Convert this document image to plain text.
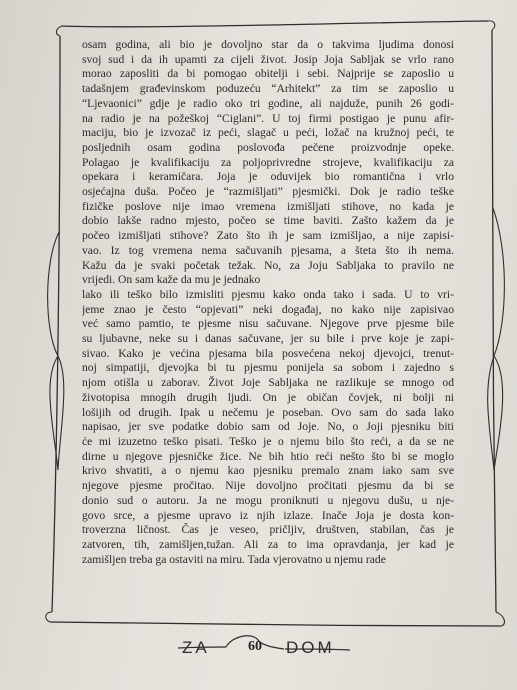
osam godina, ali bio je dovoljno star da o takvima ljudima donosi
svoj sud i da ih upamti za cijeli život. Josip Joja Sabljak se vrlo rano
morao zaposliti da bi pomogao obitelji i sebi. Najprije se zaposlio u
tadašnjem građevinskom poduzeću “Arhitekt” za tim se zaposlio u
“Ljevaonici” gdje je radio oko tri godine, ali najduže, punih 26 godi-
na radio je na požeškoj “Ciglani”. U toj firmi postigao je punu afir-
maciju, bio je izvozač iz peći, slagač u peći, ložač na kružnoj peći, te
posljednih osam godina poslovođa pečene proizvodnje opeke.
Polagao je kvalifikaciju za poljoprivredne strojeve, kvalifikaciju za
opekara i keramičara. Joja je oduvijek bio romantična i vrlo
osjećajna duša. Počeo je “razmišljati” pjesmički. Dok je radio teške
fizičke poslove nije imao vremena izmišljati stihove, no kada je
dobio lakše radno mjesto, počeo se time baviti. Zašto kažem da je
počeo izmišljati stihove? Zato što ih je sam izmišljao, a nije zapisi-
vao. Iz tog vremena nema sačuvanih pjesama, a šteta što ih nema.
Kažu da je svaki početak težak. No, za Joju Sabljaka to pravilo ne
vrijedi. On sam kaže da mu je jednako
lako ili teško bilo izmisliti pjesmu kako onda tako i sada. U to vri-
jeme znao je često “opjevati” neki događaj, no kako nije zapisivao
već samo pamtio, te pjesme nisu sačuvane. Njegove prve pjesme bile
su ljubavne, neke su i danas sačuvane, jer su bile i prve koje je zapi-
sivao. Kako je većina pjesama bila posvećena nekoj djevojci, trenut-
noj simpatiji, djevojka bi tu pjesmu ponijela sa sobom i zajedno s
njom otišla u zaborav. Život Joje Sabljaka ne razlikuje se mnogo od
životopisa mnogih drugih ljudi. On je običan čovjek, ni bolji ni
lošijih od drugih. Ipak u nečemu je poseban. Ovo sam do sada lako
napisao, jer sve podatke dobio sam od Joje. No, o Joji pjesniku biti
će mi izuzetno teško pisati. Teško je o njemu bilo što reći, a da se ne
dirne u njegove pjesničke žice. Ne bih htio reći nešto što bi se moglo
krivo shvatiti, a o njemu kao pjesniku premalo znam iako sam sve
njegove pjesme pročitao. Nije dovoljno pročitati pjesmu da bi se
donio sud o autoru. Ja ne mogu proniknuti u njegovu dušu, u nje-
govo srce, a pjesme upravo iz njih izlaze. Inače Joja je dosta kon-
troverzna ličnost. Čas je veseo, pričljiv, društven, stabilan, čas je
zatvoren, tih, zamišljen,tužan. Ali za to ima opravdanja, jer kad je
zamišljen treba ga ostaviti na miru. Tada vjerovatno u njemu rade
ZA	60	DOM
